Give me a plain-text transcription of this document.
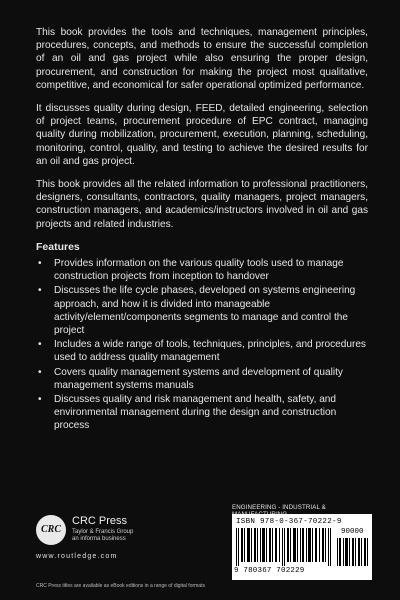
This book provides the tools and techniques, management principles, procedures, concepts, and methods to ensure the successful completion of an oil and gas project while also ensuring the proper design, procurement, and construction for making the project most qualitative, competitive, and economical for safer operational optimized performance.

It discusses quality during design, FEED, detailed engineering, selection of project teams, procurement procedure of EPC contract, managing quality during mobilization, procurement, execution, planning, scheduling, monitoring, control, quality, and testing to achieve the desired results for an oil and gas project.

This book provides all the related information to professional practitioners, designers, consultants, contractors, quality managers, project managers, construction managers, and academics/instructors involved in oil and gas projects and related industries.

Features
• Provides information on the various quality tools used to manage construction projects from inception to handover
• Discusses the life cycle phases, developed on systems engineering approach, and how it is divided into manageable activity/element/components segments to manage and control the project
• Includes a wide range of tools, techniques, principles, and procedures used to address quality management
• Covers quality management systems and development of quality management systems manuals
• Discusses quality and risk management and health, safety, and environmental management during the design and construction process
CRC
CRC Press
Taylor & Francis Group
an informa business
www.routledge.com
CRC Press titles are available as eBook editions in a range of digital formats
ENGINEERING - INDUSTRIAL &
ISBN 978-0-367-70222-9
90000
9 780367 702229
